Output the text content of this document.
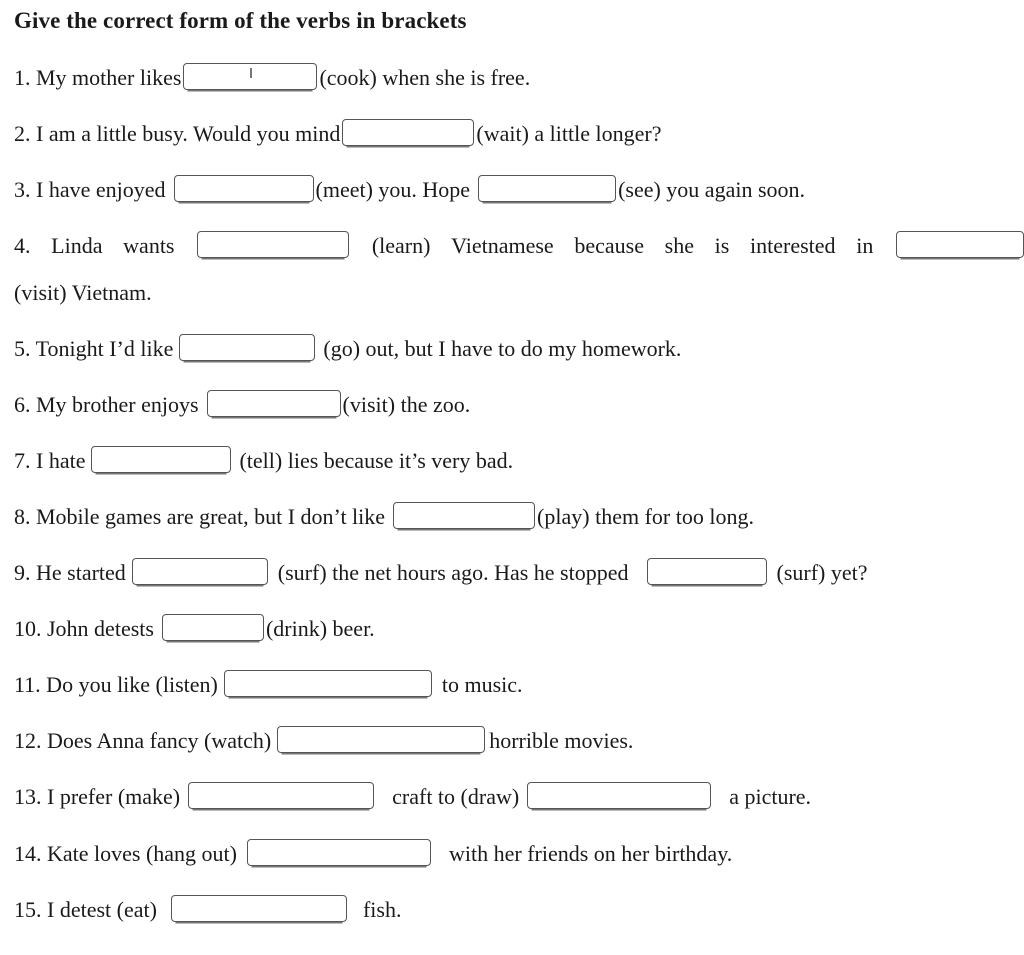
Give the correct form of the verbs in brackets
1. My mother likes	(cook) when she is free.
2. I am a little busy. Would you mind	(wait) a little longer?
3. I have enjoyed	(meet) you. Hope	(see) you again soon.
4. Linda wants	(learn) Vietnamese because she is interested in
(visit) Vietnam.
5. Tonight I’d like	(go) out, but I have to do my homework.
6. My brother enjoys	(visit) the zoo.
7. I hate	(tell) lies because it’s very bad.
8. Mobile games are great, but I don’t like	(play) them for too long.
9. He started	(surf) the net hours ago. Has he stopped	(surf) yet?
10. John detests	(drink) beer.
11. Do you like (listen)	to music.
12. Does Anna fancy (watch)	horrible movies.
13. I prefer (make)	craft to (draw)	a picture.
14. Kate loves (hang out)	with her friends on her birthday.
15. I detest (eat)	fish.
